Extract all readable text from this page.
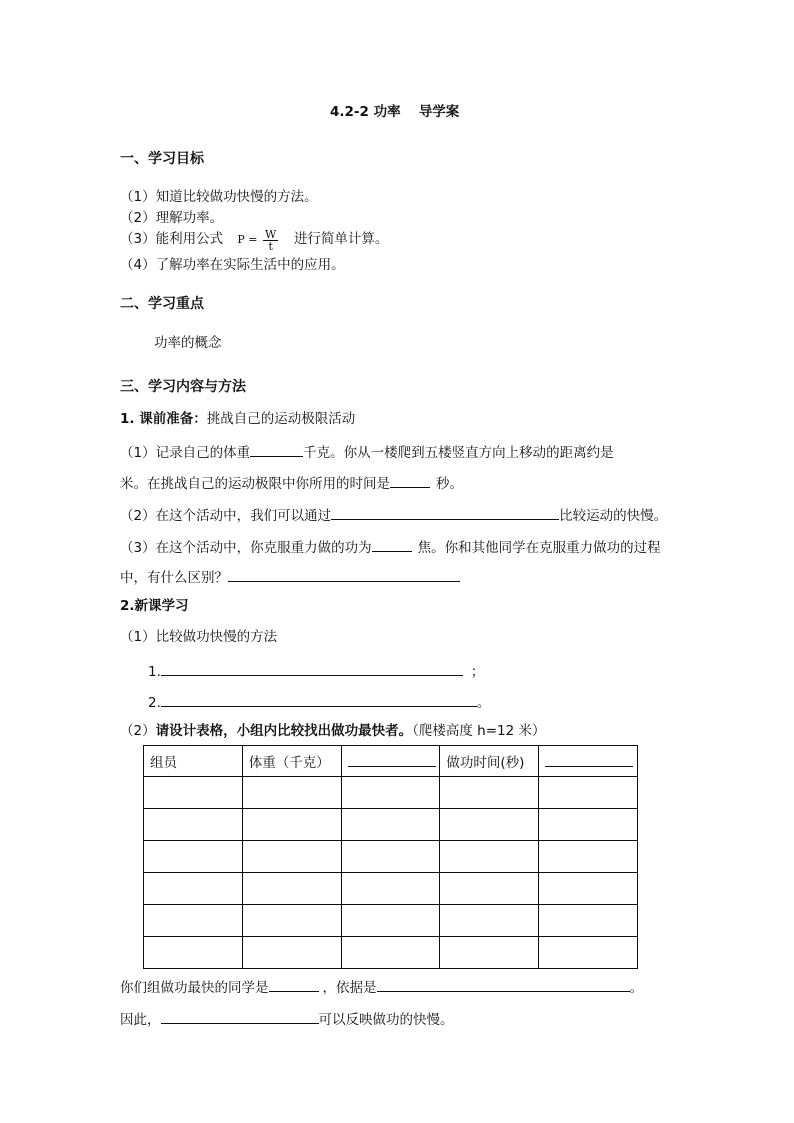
4.2-2 功率　 导学案
一、学习目标
（1）知道比较做功快慢的方法。
（2）理解功率。
（3）能利用公式 $P = \frac{W}{t}$ 进行简单计算。
（4）了解功率在实际生活中的应用。
二、学习重点
功率的概念
三、学习内容与方法
1. 课前准备：挑战自己的运动极限活动
（1）记录自己的体重	千克。你从一楼爬到五楼竖直方向上移动的距离约是
米。在挑战自己的运动极限中你所用的时间是	秒。
（2）在这个活动中，我们可以通过	比较运动的快慢。
（3）在这个活动中，你克服重力做的功为	焦。你和其他同学在克服重力做功的过程
中，有什么区别？
2.新课学习
（1）比较做功快慢的方法
1.	；
2.	。
（2）请设计表格，小组内比较找出做功最快者。（爬楼高度 h=12 米）
组员	体重（千克）		做功时间(秒)	

你们组做功最快的同学是	，依据是	。
因此，	可以反映做功的快慢。
